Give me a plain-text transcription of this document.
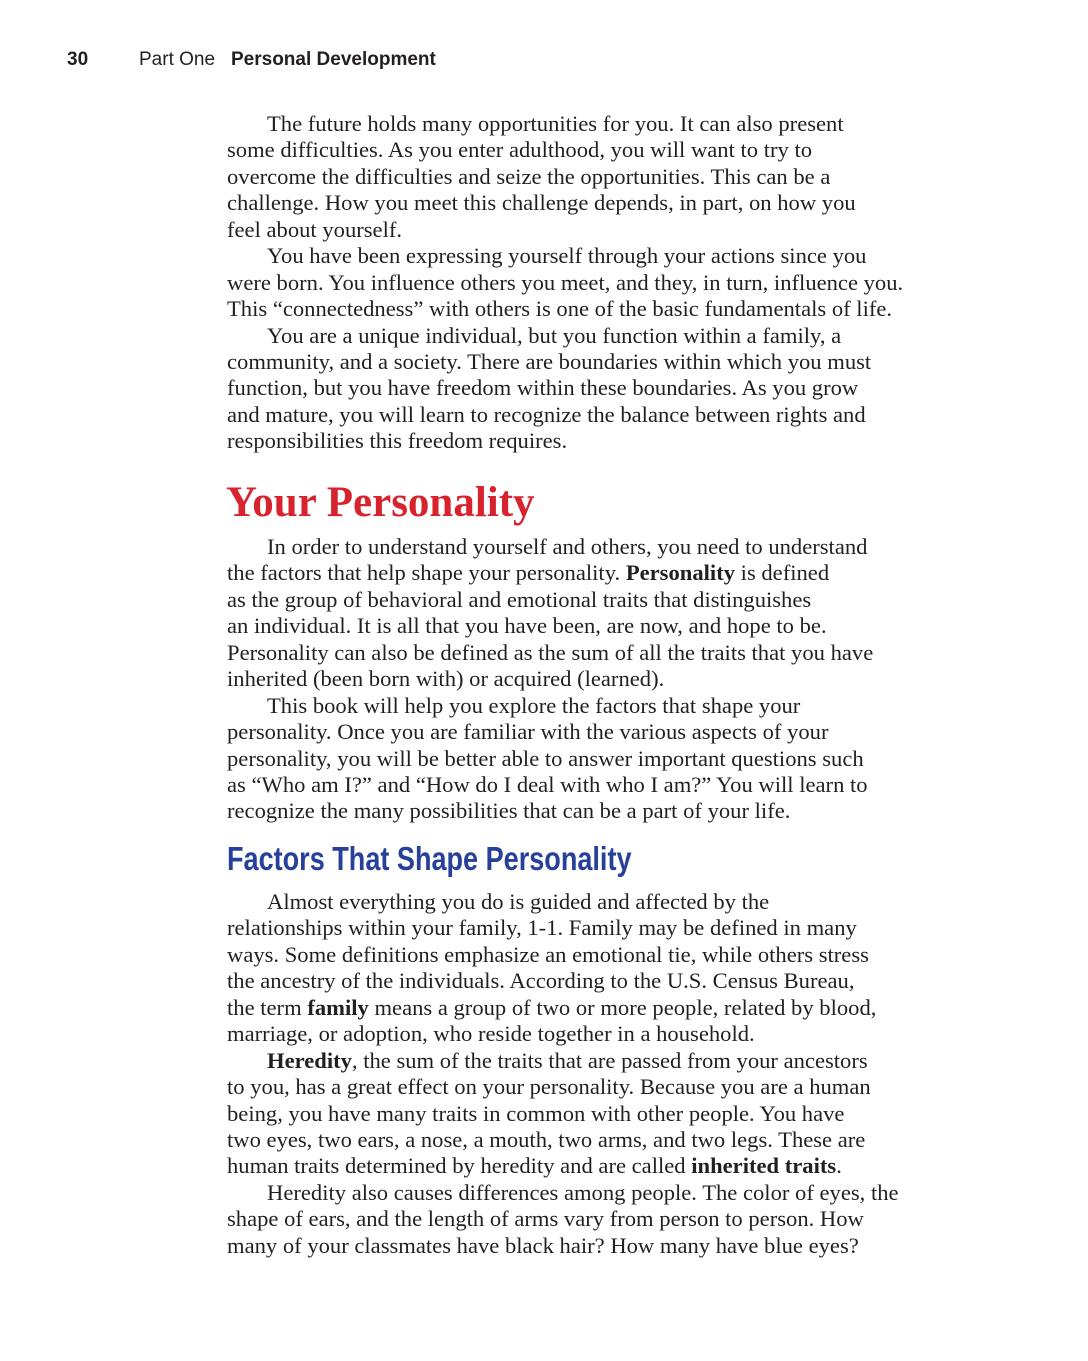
30	Part One Personal Development
The future holds many opportunities for you. It can also present
some difficulties. As you enter adulthood, you will want to try to
overcome the difficulties and seize the opportunities. This can be a
challenge. How you meet this challenge depends, in part, on how you
feel about yourself.
You have been expressing yourself through your actions since you
were born. You influence others you meet, and they, in turn, influence you.
This “connectedness” with others is one of the basic fundamentals of life.
You are a unique individual, but you function within a family, a
community, and a society. There are boundaries within which you must
function, but you have freedom within these boundaries. As you grow
and mature, you will learn to recognize the balance between rights and
responsibilities this freedom requires.
Your Personality
In order to understand yourself and others, you need to understand
the factors that help shape your personality. Personality is defined
as the group of behavioral and emotional traits that distinguishes
an individual. It is all that you have been, are now, and hope to be.
Personality can also be defined as the sum of all the traits that you have
inherited (been born with) or acquired (learned).
This book will help you explore the factors that shape your
personality. Once you are familiar with the various aspects of your
personality, you will be better able to answer important questions such
as “Who am I?” and “How do I deal with who I am?” You will learn to
recognize the many possibilities that can be a part of your life.
Factors That Shape Personality
Almost everything you do is guided and affected by the
relationships within your family, 1-1. Family may be defined in many
ways. Some definitions emphasize an emotional tie, while others stress
the ancestry of the individuals. According to the U.S. Census Bureau,
the term family means a group of two or more people, related by blood,
marriage, or adoption, who reside together in a household.
Heredity, the sum of the traits that are passed from your ancestors
to you, has a great effect on your personality. Because you are a human
being, you have many traits in common with other people. You have
two eyes, two ears, a nose, a mouth, two arms, and two legs. These are
human traits determined by heredity and are called inherited traits.
Heredity also causes differences among people. The color of eyes, the
shape of ears, and the length of arms vary from person to person. How
many of your classmates have black hair? How many have blue eyes?
